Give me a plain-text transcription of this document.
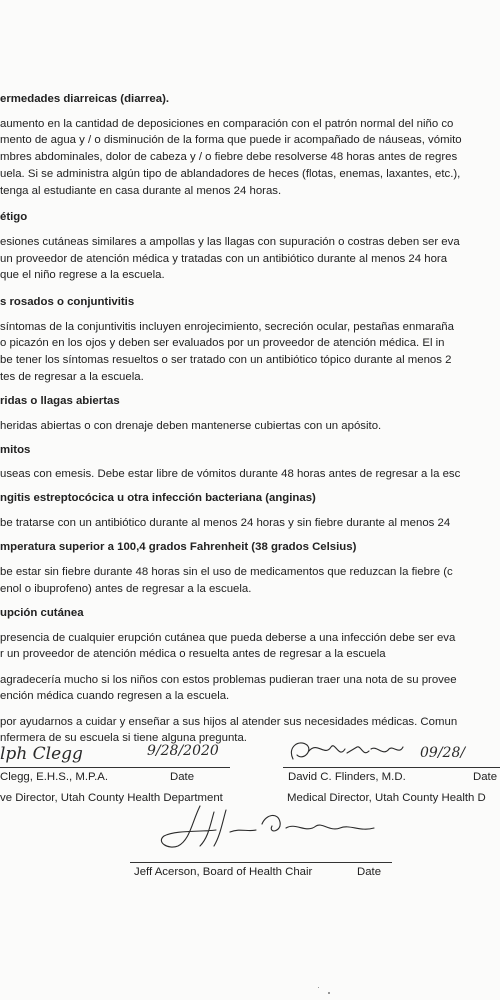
ermedades diarreicas (diarrea).
aumento en la cantidad de deposiciones en comparación con el patrón normal del niño co
mento de agua y / o disminución de la forma que puede ir acompañado de náuseas, vómito
mbres abdominales, dolor de cabeza y / o fiebre debe resolverse 48 horas antes de regres
uela. Si se administra algún tipo de ablandadores de heces (flotas, enemas, laxantes, etc.),
tenga al estudiante en casa durante al menos 24 horas.
étigo
esiones cutáneas similares a ampollas y las llagas con supuración o costras deben ser eva
un proveedor de atención médica y tratadas con un antibiótico durante al menos 24 hora
que el niño regrese a la escuela.
s rosados o conjuntivitis
síntomas de la conjuntivitis incluyen enrojecimiento, secreción ocular, pestañas enmaraña
o picazón en los ojos y deben ser evaluados por un proveedor de atención médica. El in
be tener los síntomas resueltos o ser tratado con un antibiótico tópico durante al menos 2
tes de regresar a la escuela.
ridas o llagas abiertas
heridas abiertas o con drenaje deben mantenerse cubiertas con un apósito.
mitos
useas con emesis. Debe estar libre de vómitos durante 48 horas antes de regresar a la esc
ngitis estreptocócica u otra infección bacteriana (anginas)
be tratarse con un antibiótico durante al menos 24 horas y sin fiebre durante al menos 24
mperatura superior a 100,4 grados Fahrenheit (38 grados Celsius)
be estar sin fiebre durante 48 horas sin el uso de medicamentos que reduzcan la fiebre (c
enol o ibuprofeno) antes de regresar a la escuela.
upción cutánea
presencia de cualquier erupción cutánea que pueda deberse a una infección debe ser eva
r un proveedor de atención médica o resuelta antes de regresar a la escuela
agradecería mucho si los niños con estos problemas pudieran traer una nota de su provee
ención médica cuando regresen a la escuela.
por ayudarnos a cuidar y enseñar a sus hijos al atender sus necesidades médicas. Comun
nfermera de su escuela si tiene alguna pregunta.
lph Clegg	9/28/2020
Clegg, E.H.S., M.P.A.	Date
ve Director, Utah County Health Department
09/28/
David C. Flinders, M.D.	Date
Medical Director, Utah County Health D
Jeff Acerson, Board of Health Chair	Date
